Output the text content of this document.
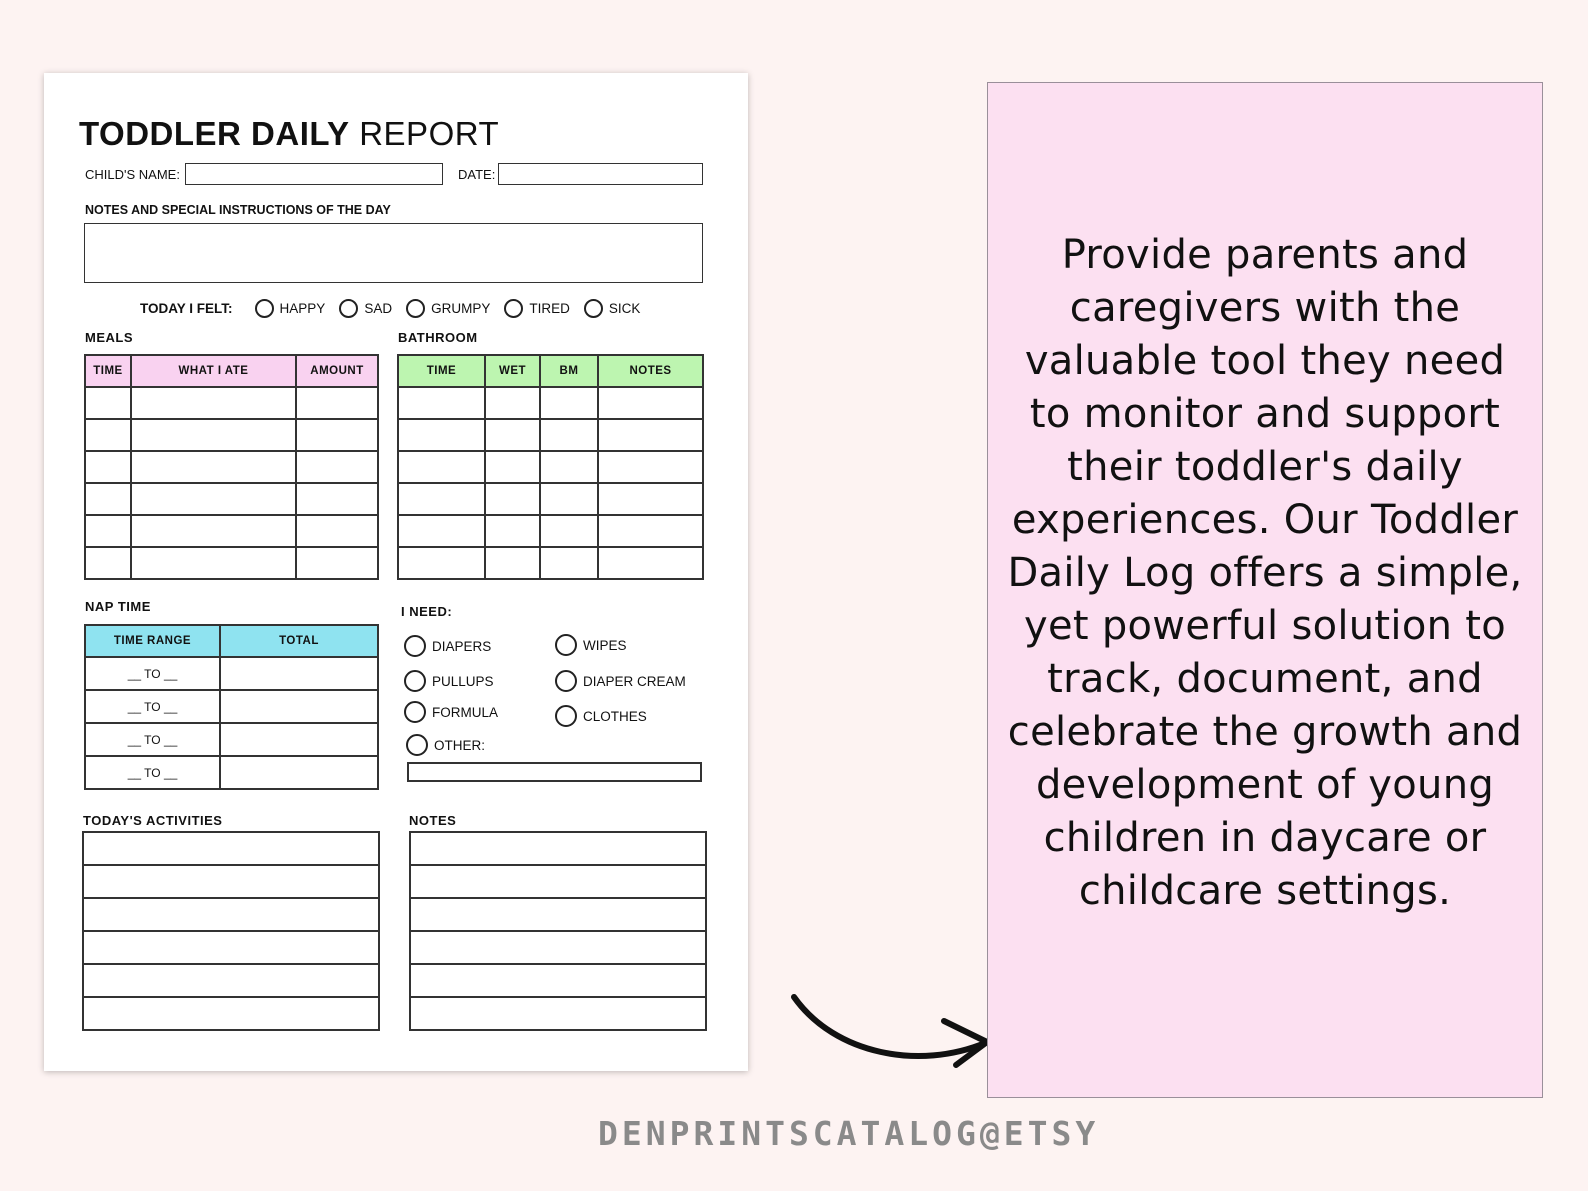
TODDLER DAILY REPORT
CHILD'S NAME:	DATE:
NOTES AND SPECIAL INSTRUCTIONS OF THE DAY
TODAY I FELT:	HAPPY	SAD	GRUMPY	TIRED	SICK
MEALS
TIME	WHAT I ATE	AMOUNT

BATHROOM
TIME	WET	BM	NOTES

NAP TIME
TIME RANGE	TOTAL
__ TO __	
__ TO __	
__ TO __	
__ TO __	
I NEED:
DIAPERS
PULLUPS
FORMULA
OTHER:
WIPES
DIAPER CREAM
CLOTHES
TODAY'S ACTIVITIES	NOTES

Provide parents and caregivers with the valuable tool they need to monitor and support their toddler's daily experiences. Our Toddler Daily Log offers a simple, yet powerful solution to track, document, and celebrate the growth and development of young children in daycare or childcare settings.
DENPRINTSCATALOG@ETSY
